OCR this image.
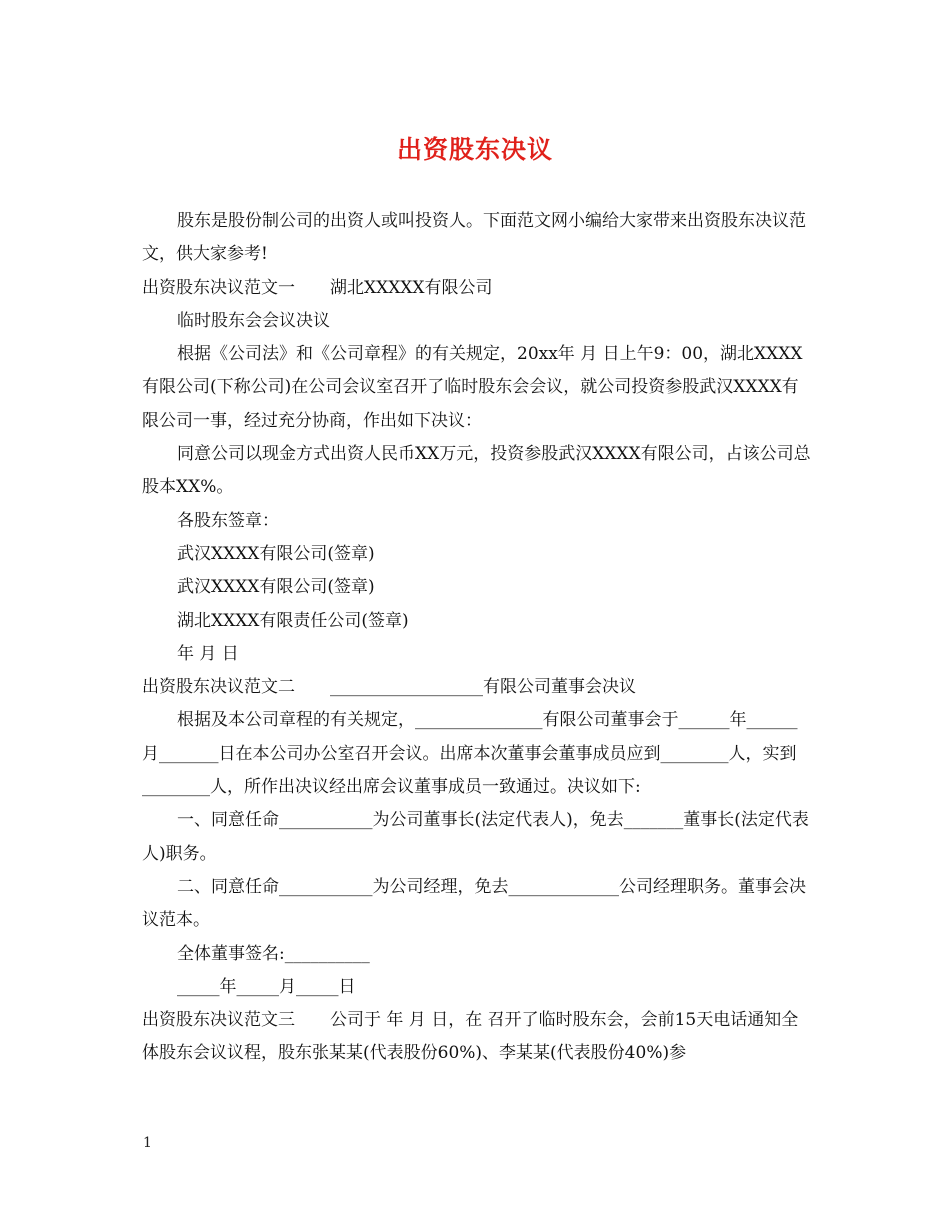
出资股东决议

股东是股份制公司的出资人或叫投资人。下面范文网小编给大家带来出资股东决议范文，供大家参考!

出资股东决议范文一 湖北XXXXX有限公司

临时股东会会议决议

根据《公司法》和《公司章程》的有关规定，20xx年 月 日上午9：00，湖北XXXX有限公司(下称公司)在公司会议室召开了临时股东会会议，就公司投资参股武汉XXXX有限公司一事，经过充分协商，作出如下决议：

同意公司以现金方式出资人民币XX万元，投资参股武汉XXXX有限公司，占该公司总股本XX%。

各股东签章：

武汉XXXX有限公司(签章)

武汉XXXX有限公司(签章)

湖北XXXX有限责任公司(签章)

年 月 日

出资股东决议范文二 __________________有限公司董事会决议

根据及本公司章程的有关规定，_______________有限公司董事会于______年______月_______日在本公司办公室召开会议。出席本次董事会董事成员应到________人，实到________人，所作出决议经出席会议董事成员一致通过。决议如下:

一、同意任命___________为公司董事长(法定代表人)，免去_______董事长(法定代表人)职务。

二、同意任命___________为公司经理，免去_____________公司经理职务。董事会决议范本。

全体董事签名:__________

_____年_____月_____日

出资股东决议范文三 公司于 年 月 日，在 召开了临时股东会，会前15天电话通知全体股东会议议程，股东张某某(代表股份60%)、李某某(代表股份40%)参

1
